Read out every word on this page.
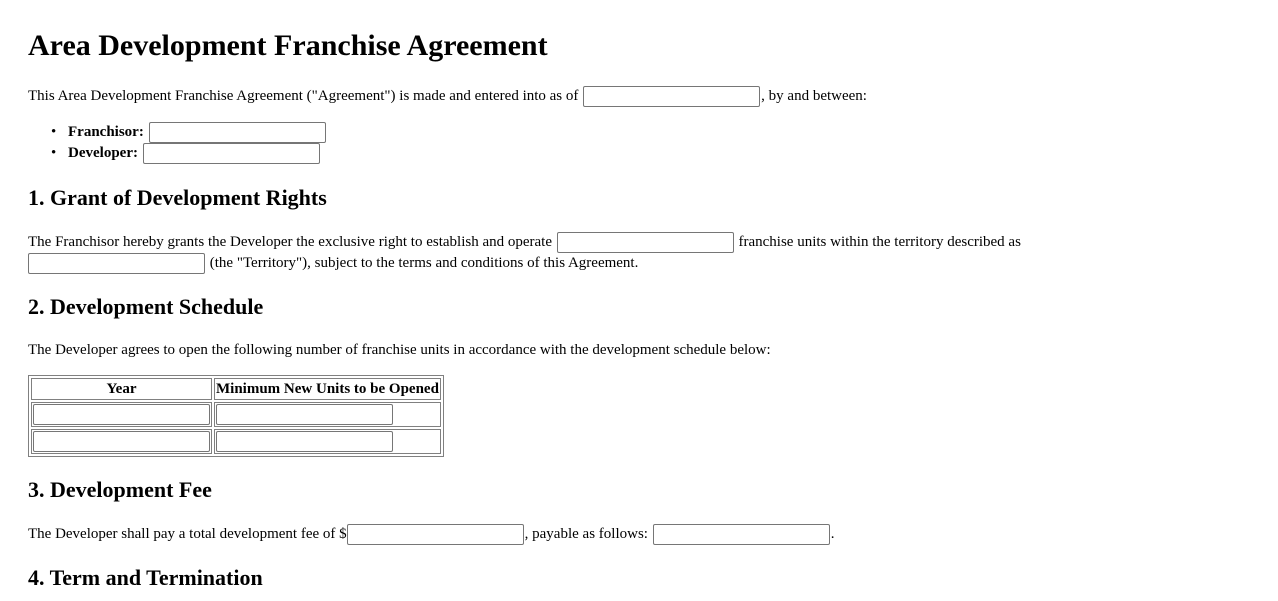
Area Development Franchise Agreement
This Area Development Franchise Agreement ("Agreement") is made and entered into as of	, by and between:
• Franchisor:
• Developer:
1. Grant of Development Rights
The Franchisor hereby grants the Developer the exclusive right to establish and operate	franchise units within the territory described as
(the "Territory"), subject to the terms and conditions of this Agreement.
2. Development Schedule
The Developer agrees to open the following number of franchise units in accordance with the development schedule below:
Year	Minimum New Units to be Opened

3. Development Fee
The Developer shall pay a total development fee of $	, payable as follows:	.
4. Term and Termination
